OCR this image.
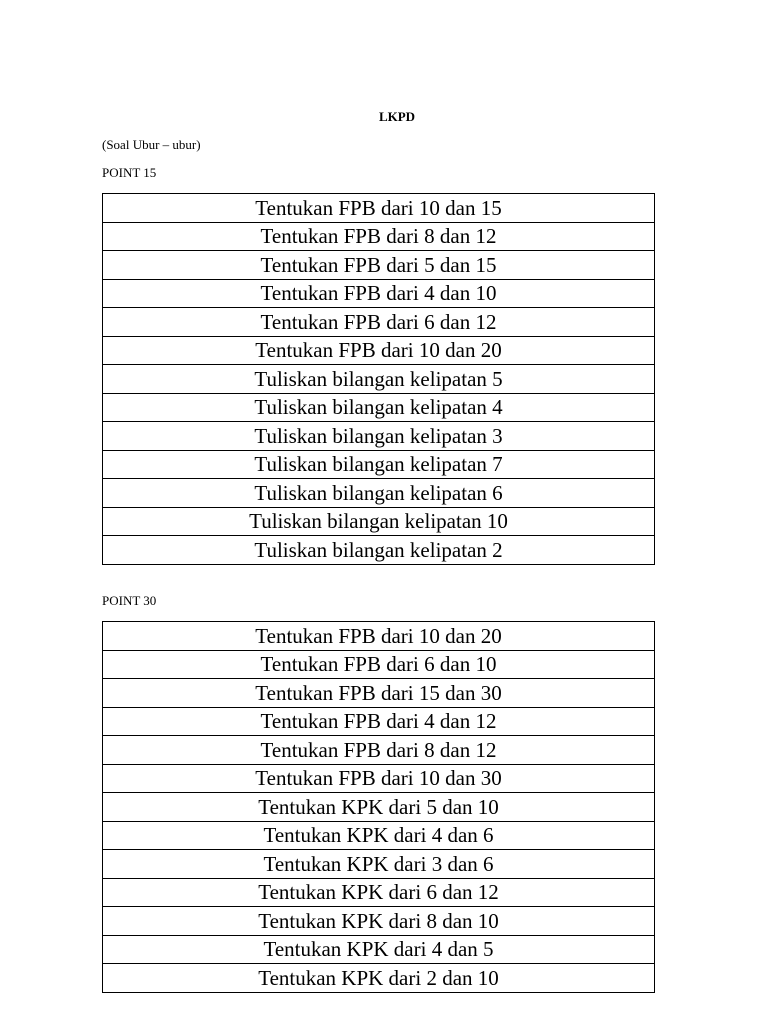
LKPD
(Soal Ubur – ubur)
POINT 15
Tentukan FPB dari 10 dan 15
Tentukan FPB dari 8 dan 12
Tentukan FPB dari 5 dan 15
Tentukan FPB dari 4 dan 10
Tentukan FPB dari 6 dan 12
Tentukan FPB dari 10 dan 20
Tuliskan bilangan kelipatan 5
Tuliskan bilangan kelipatan 4
Tuliskan bilangan kelipatan 3
Tuliskan bilangan kelipatan 7
Tuliskan bilangan kelipatan 6
Tuliskan bilangan kelipatan 10
Tuliskan bilangan kelipatan 2
POINT 30
Tentukan FPB dari 10 dan 20
Tentukan FPB dari 6 dan 10
Tentukan FPB dari 15 dan 30
Tentukan FPB dari 4 dan 12
Tentukan FPB dari 8 dan 12
Tentukan FPB dari 10 dan 30
Tentukan KPK dari 5 dan 10
Tentukan KPK dari 4 dan 6
Tentukan KPK dari 3 dan 6
Tentukan KPK dari 6 dan 12
Tentukan KPK dari 8 dan 10
Tentukan KPK dari 4 dan 5
Tentukan KPK dari 2 dan 10
